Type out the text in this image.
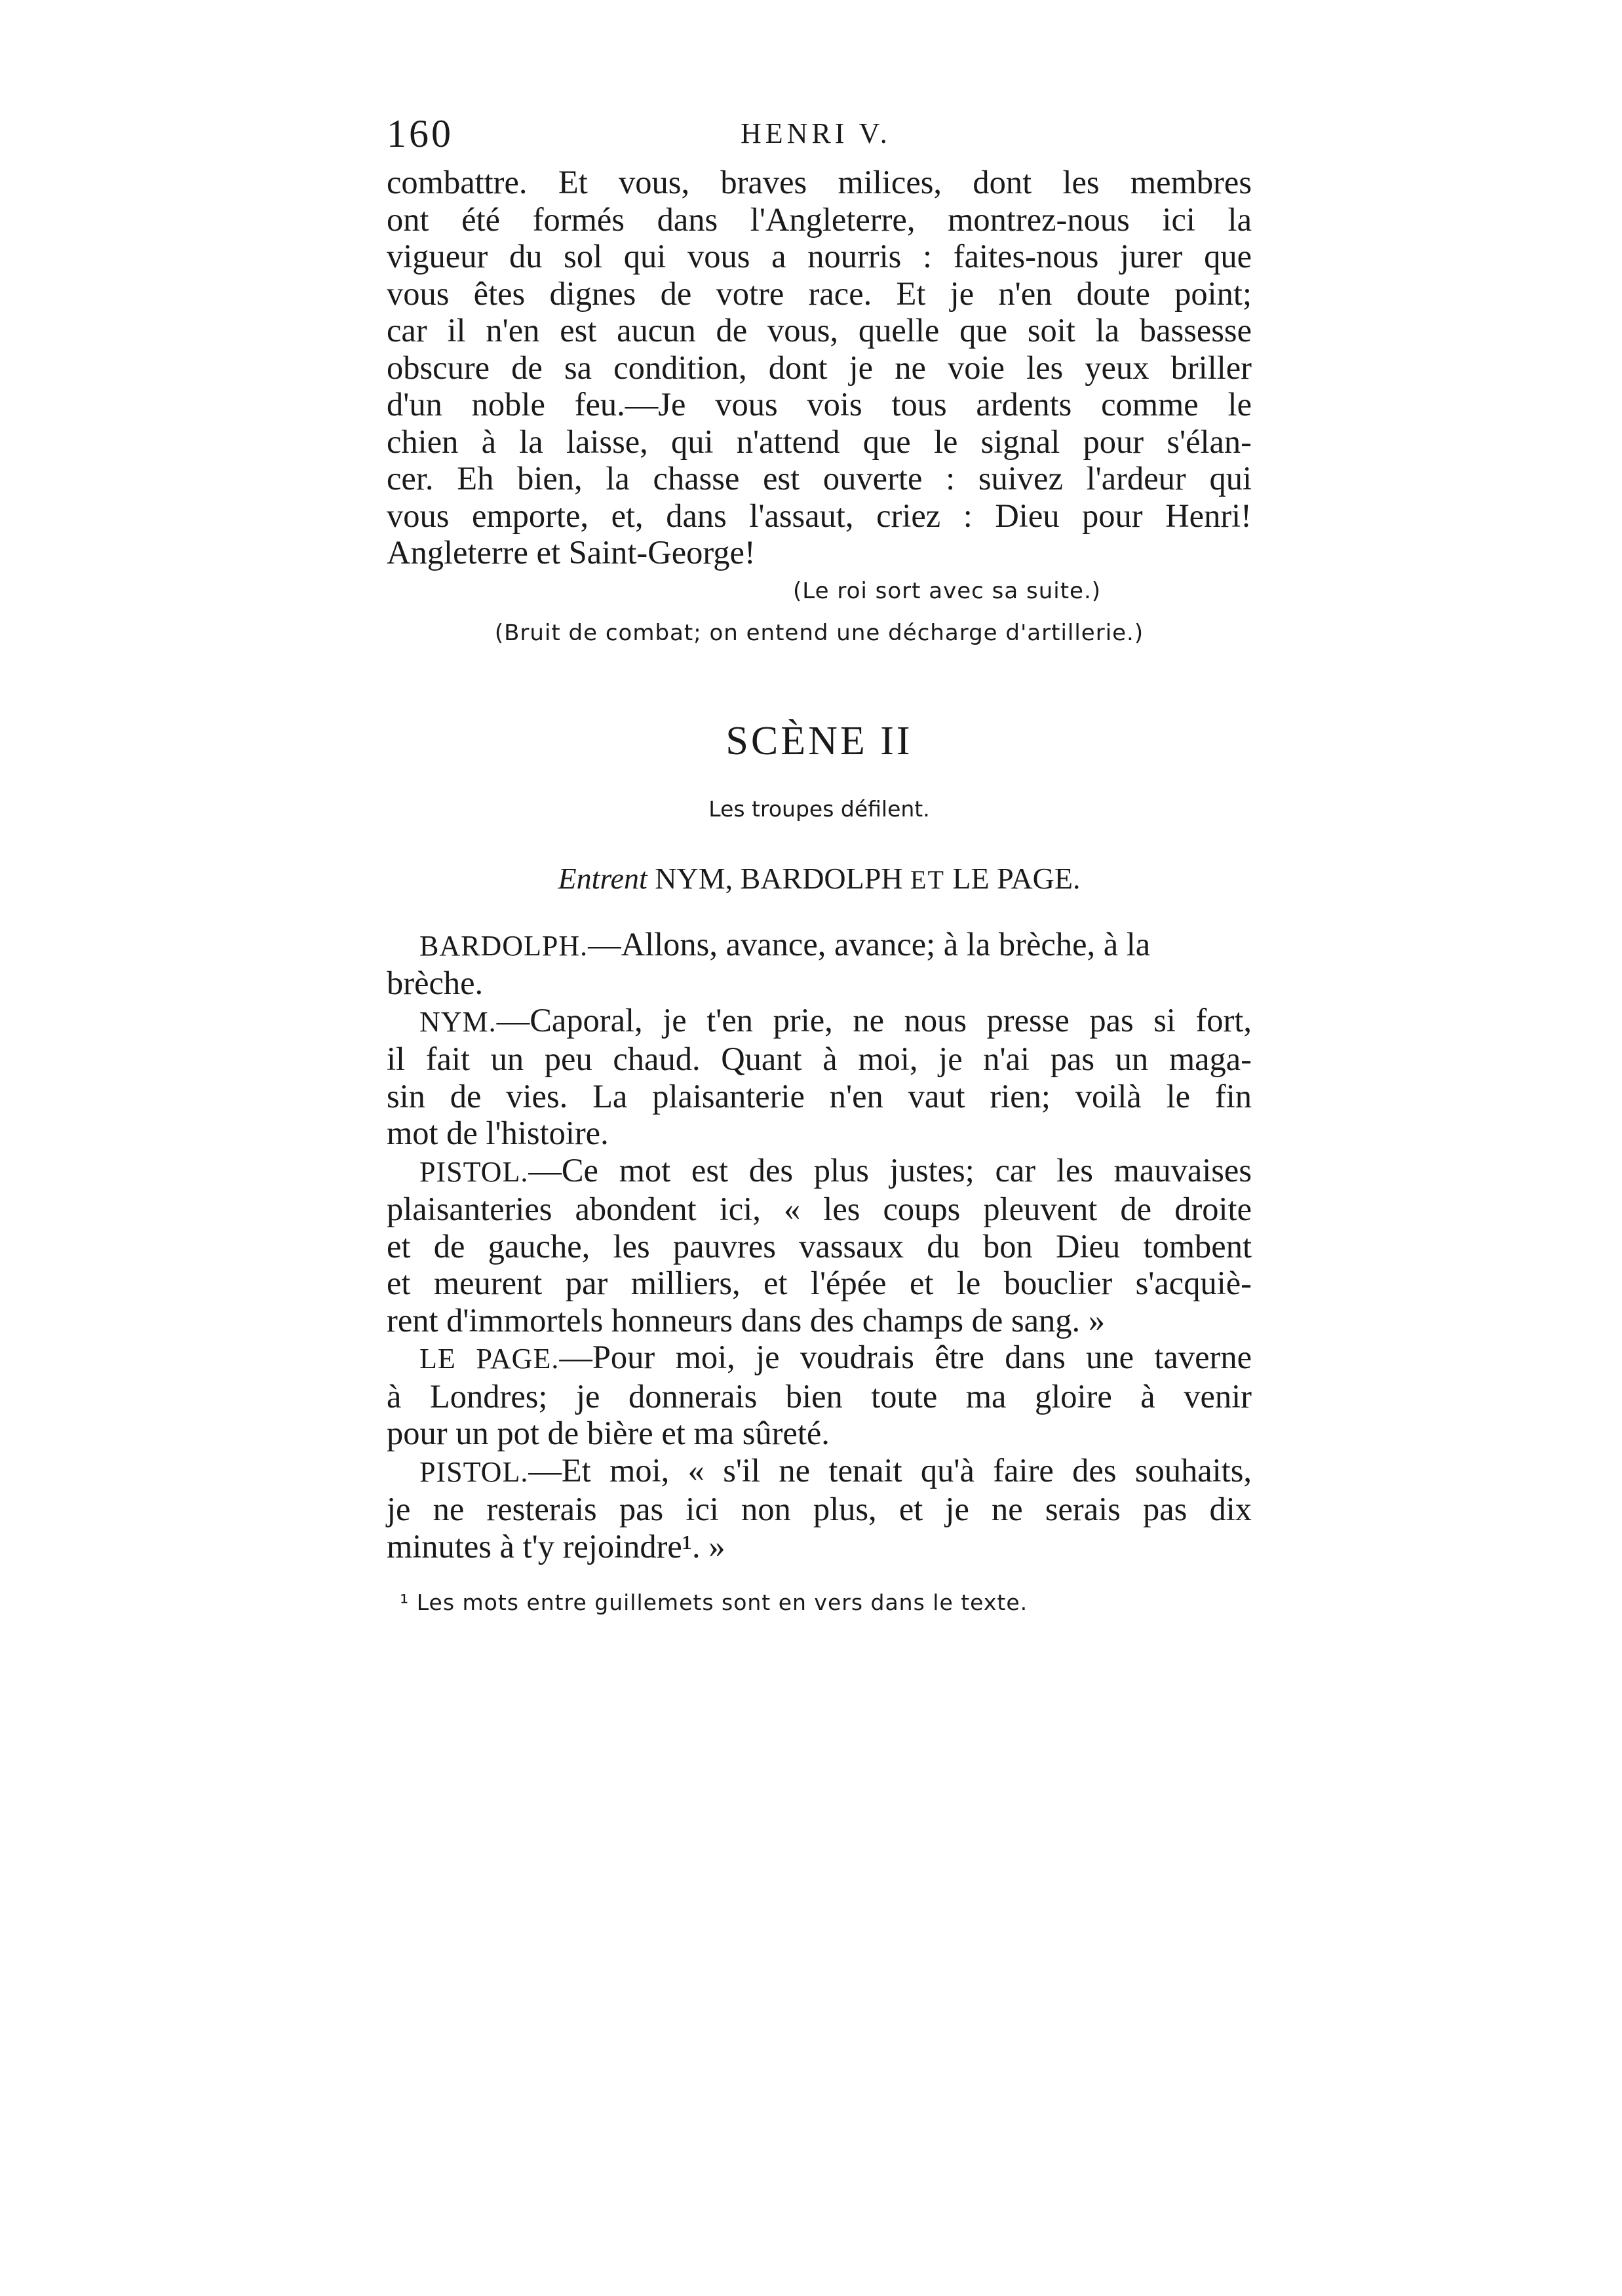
160	HENRI V.
combattre. Et vous, braves milices, dont les membres
ont été formés dans l'Angleterre, montrez-nous ici la
vigueur du sol qui vous a nourris : faites-nous jurer que
vous êtes dignes de votre race. Et je n'en doute point;
car il n'en est aucun de vous, quelle que soit la bassesse
obscure de sa condition, dont je ne voie les yeux briller
d'un noble feu.—Je vous vois tous ardents comme le
chien à la laisse, qui n'attend que le signal pour s'élan-
cer. Eh bien, la chasse est ouverte : suivez l'ardeur qui
vous emporte, et, dans l'assaut, criez : Dieu pour Henri!
Angleterre et Saint-George!
(Le roi sort avec sa suite.)
(Bruit de combat; on entend une décharge d'artillerie.)
SCÈNE II
Les troupes défilent.
Entrent NYM, BARDOLPH ET LE PAGE.
BARDOLPH.—Allons, avance, avance; à la brèche, à la
brèche.
NYM.—Caporal, je t'en prie, ne nous presse pas si fort,
il fait un peu chaud. Quant à moi, je n'ai pas un maga-
sin de vies. La plaisanterie n'en vaut rien; voilà le fin
mot de l'histoire.
PISTOL.—Ce mot est des plus justes; car les mauvaises
plaisanteries abondent ici, « les coups pleuvent de droite
et de gauche, les pauvres vassaux du bon Dieu tombent
et meurent par milliers, et l'épée et le bouclier s'acquiè-
rent d'immortels honneurs dans des champs de sang. »
LE PAGE.—Pour moi, je voudrais être dans une taverne
à Londres; je donnerais bien toute ma gloire à venir
pour un pot de bière et ma sûreté.
PISTOL.—Et moi, « s'il ne tenait qu'à faire des souhaits,
je ne resterais pas ici non plus, et je ne serais pas dix
minutes à t'y rejoindre¹. »
¹ Les mots entre guillemets sont en vers dans le texte.
